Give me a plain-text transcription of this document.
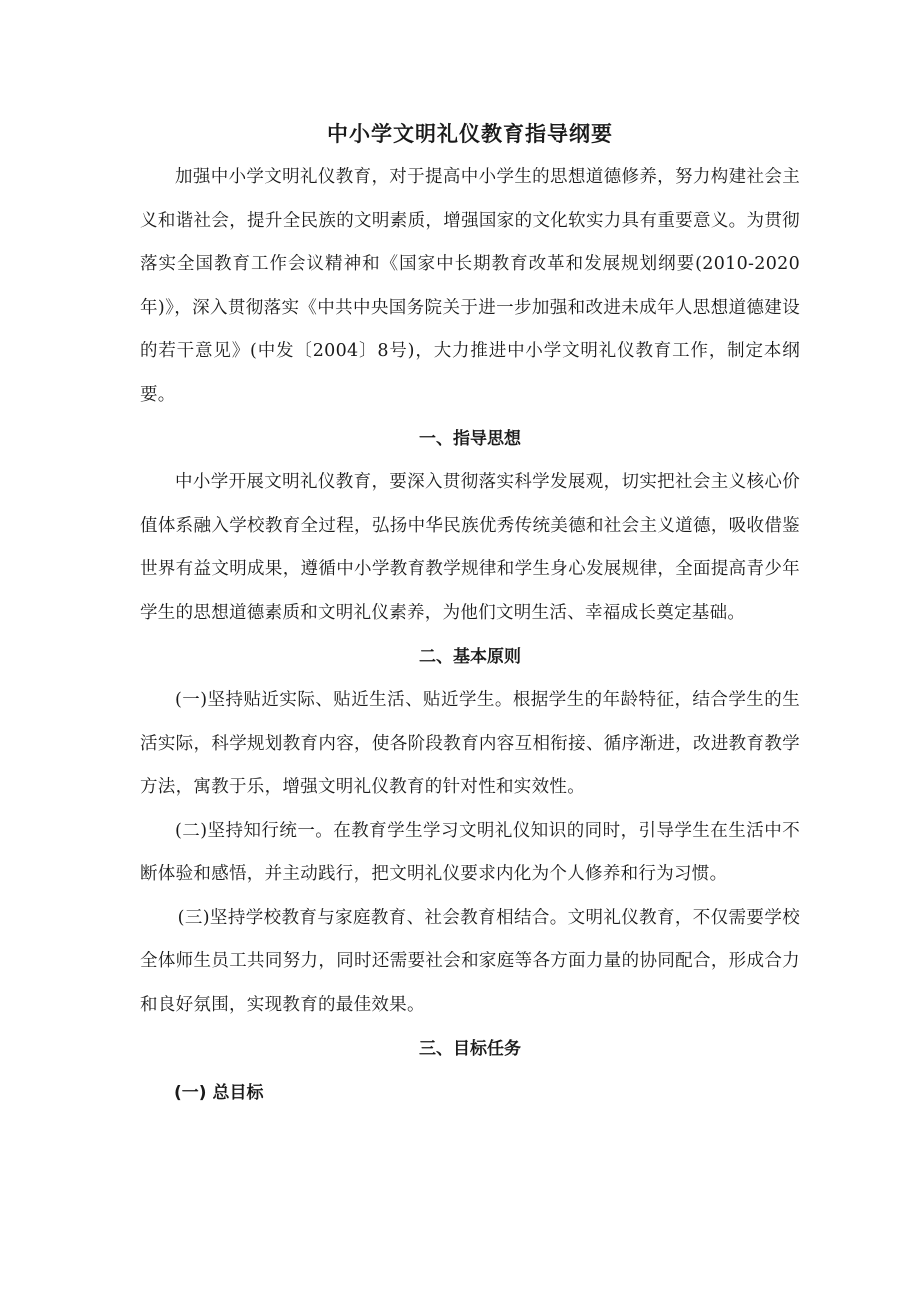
中小学文明礼仪教育指导纲要

加强中小学文明礼仪教育，对于提高中小学生的思想道德修养，努力构建社会主义和谐社会，提升全民族的文明素质，增强国家的文化软实力具有重要意义。为贯彻落实全国教育工作会议精神和《国家中长期教育改革和发展规划纲要(2010-2020年)》，深入贯彻落实《中共中央国务院关于进一步加强和改进未成年人思想道德建设的若干意见》(中发〔2004〕8号)，大力推进中小学文明礼仪教育工作，制定本纲要。

一、指导思想

中小学开展文明礼仪教育，要深入贯彻落实科学发展观，切实把社会主义核心价值体系融入学校教育全过程，弘扬中华民族优秀传统美德和社会主义道德，吸收借鉴世界有益文明成果，遵循中小学教育教学规律和学生身心发展规律，全面提高青少年学生的思想道德素质和文明礼仪素养，为他们文明生活、幸福成长奠定基础。

二、基本原则

(一)坚持贴近实际、贴近生活、贴近学生。根据学生的年龄特征，结合学生的生活实际，科学规划教育内容，使各阶段教育内容互相衔接、循序渐进，改进教育教学方法，寓教于乐，增强文明礼仪教育的针对性和实效性。

(二)坚持知行统一。在教育学生学习文明礼仪知识的同时，引导学生在生活中不断体验和感悟，并主动践行，把文明礼仪要求内化为个人修养和行为习惯。

(三)坚持学校教育与家庭教育、社会教育相结合。文明礼仪教育，不仅需要学校全体师生员工共同努力，同时还需要社会和家庭等各方面力量的协同配合，形成合力和良好氛围，实现教育的最佳效果。

三、目标任务
(一) 总目标
